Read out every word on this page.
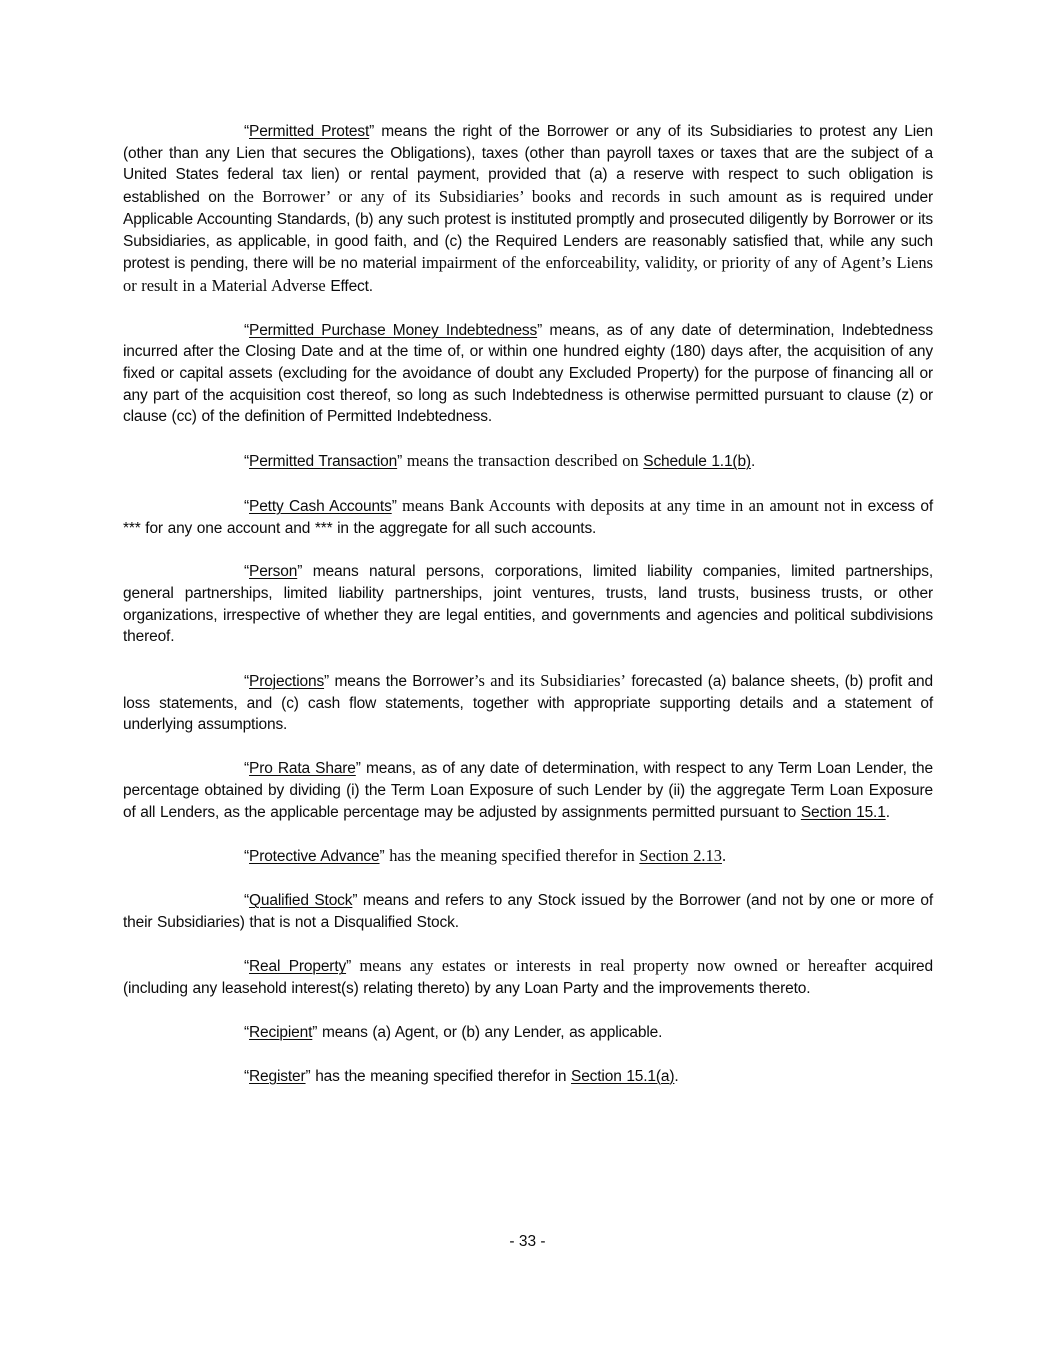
“Permitted Protest” means the right of the Borrower or any of its Subsidiaries to protest any Lien (other than any Lien that secures the Obligations), taxes (other than payroll taxes or taxes that are the subject of a United States federal tax lien) or rental payment, provided that (a) a reserve with respect to such obligation is established on the Borrower’ or any of its Subsidiaries’ books and records in such amount as is required under Applicable Accounting Standards, (b) any such protest is instituted promptly and prosecuted diligently by Borrower or its Subsidiaries, as applicable, in good faith, and (c) the Required Lenders are reasonably satisfied that, while any such protest is pending, there will be no material impairment of the enforceability, validity, or priority of any of Agent’s Liens or result in a Material Adverse Effect.

“Permitted Purchase Money Indebtedness” means, as of any date of determination, Indebtedness incurred after the Closing Date and at the time of, or within one hundred eighty (180) days after, the acquisition of any fixed or capital assets (excluding for the avoidance of doubt any Excluded Property) for the purpose of financing all or any part of the acquisition cost thereof, so long as such Indebtedness is otherwise permitted pursuant to clause (z) or clause (cc) of the definition of Permitted Indebtedness.

“Permitted Transaction” means the transaction described on Schedule 1.1(b).

“Petty Cash Accounts” means Bank Accounts with deposits at any time in an amount not in excess of *** for any one account and *** in the aggregate for all such accounts.

“Person” means natural persons, corporations, limited liability companies, limited partnerships, general partnerships, limited liability partnerships, joint ventures, trusts, land trusts, business trusts, or other organizations, irrespective of whether they are legal entities, and governments and agencies and political subdivisions thereof.

“Projections” means the Borrower’s and its Subsidiaries’ forecasted (a) balance sheets, (b) profit and loss statements, and (c) cash flow statements, together with appropriate supporting details and a statement of underlying assumptions.

“Pro Rata Share” means, as of any date of determination, with respect to any Term Loan Lender, the percentage obtained by dividing (i) the Term Loan Exposure of such Lender by (ii) the aggregate Term Loan Exposure of all Lenders, as the applicable percentage may be adjusted by assignments permitted pursuant to Section 15.1.

“Protective Advance” has the meaning specified therefor in Section 2.13.

“Qualified Stock” means and refers to any Stock issued by the Borrower (and not by one or more of their Subsidiaries) that is not a Disqualified Stock.

“Real Property” means any estates or interests in real property now owned or hereafter acquired (including any leasehold interest(s) relating thereto) by any Loan Party and the improvements thereto.

“Recipient” means (a) Agent, or (b) any Lender, as applicable.

“Register” has the meaning specified therefor in Section 15.1(a).

- 33 -
